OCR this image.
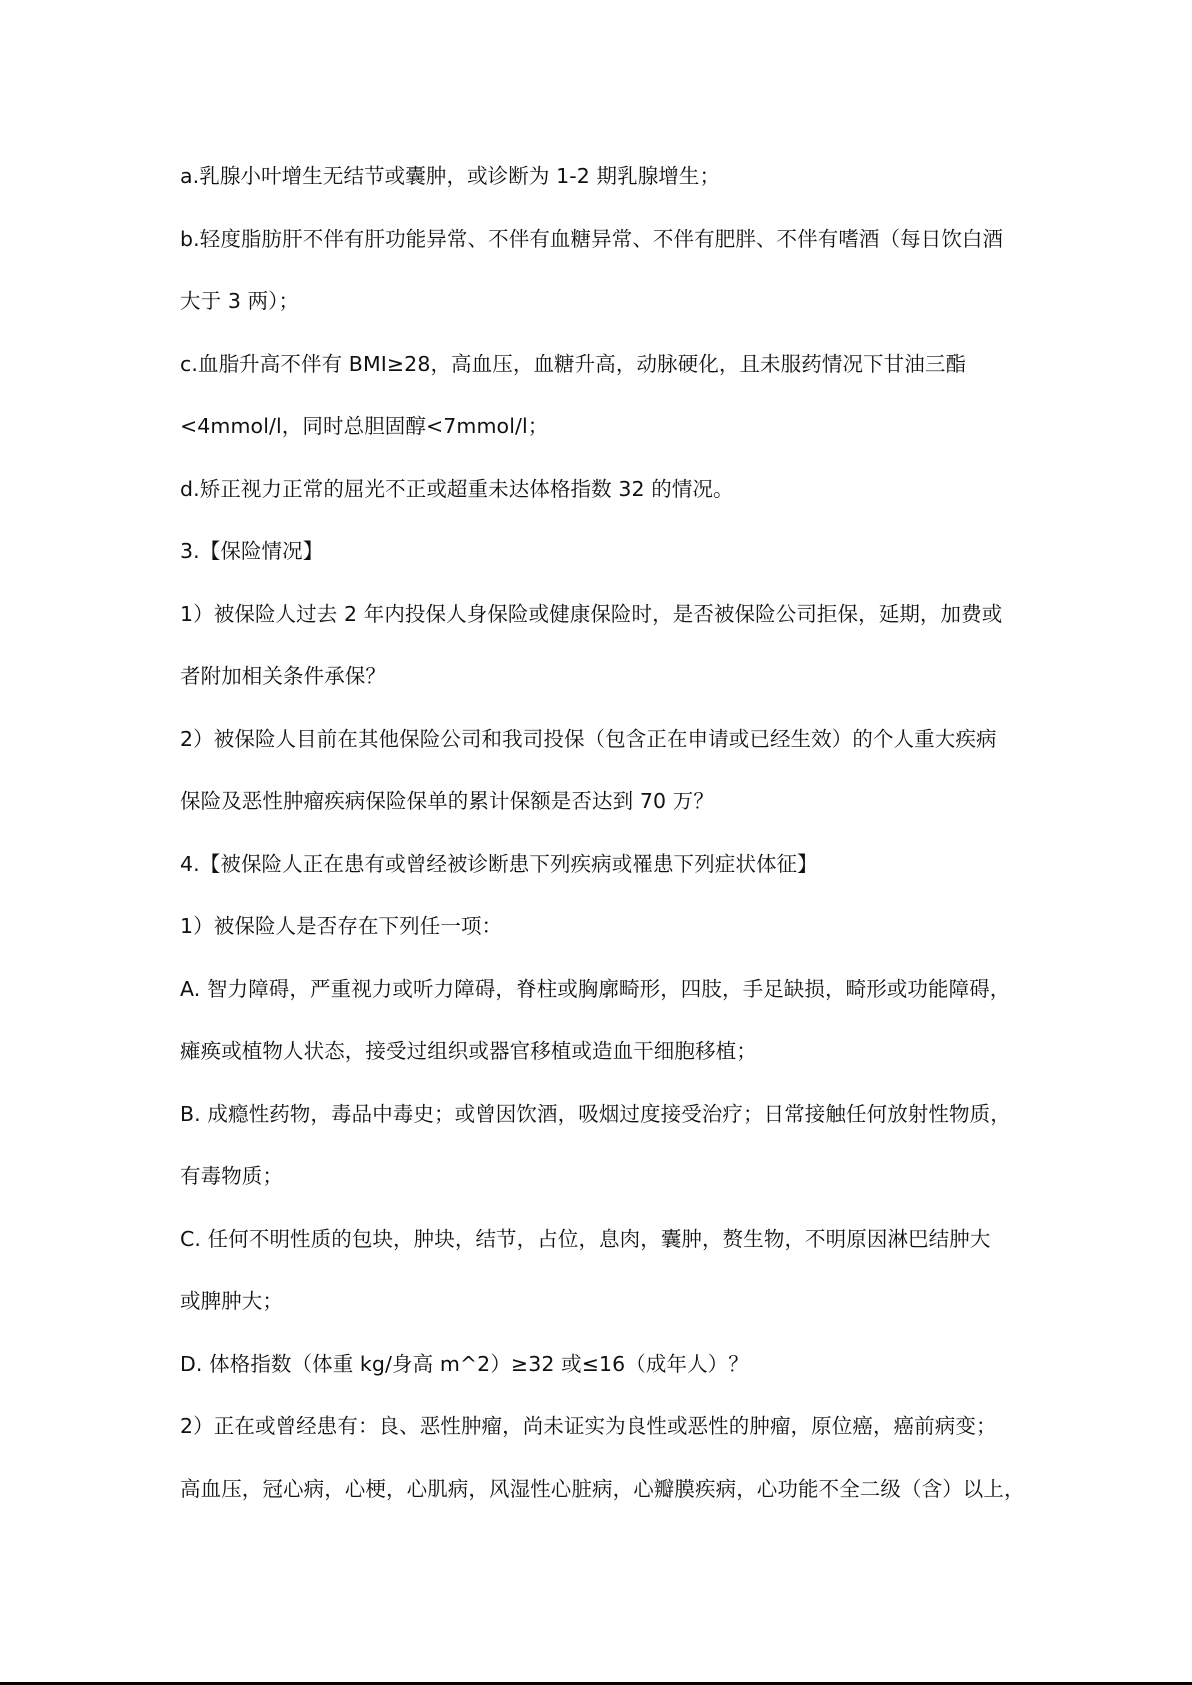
a.乳腺小叶增生无结节或囊肿，或诊断为 1-2 期乳腺增生；
b.轻度脂肪肝不伴有肝功能异常、不伴有血糖异常、不伴有肥胖、不伴有嗜酒（每日饮白酒
大于 3 两）；
c.血脂升高不伴有 BMI≥28，高血压，血糖升高，动脉硬化，且未服药情况下甘油三酯
<4mmol/l，同时总胆固醇<7mmol/l；
d.矫正视力正常的屈光不正或超重未达体格指数 32 的情况。
3.【保险情况】
1）被保险人过去 2 年内投保人身保险或健康保险时，是否被保险公司拒保，延期，加费或
者附加相关条件承保？
2）被保险人目前在其他保险公司和我司投保（包含正在申请或已经生效）的个人重大疾病
保险及恶性肿瘤疾病保险保单的累计保额是否达到 70 万？
4.【被保险人正在患有或曾经被诊断患下列疾病或罹患下列症状体征】
1）被保险人是否存在下列任一项：
A. 智力障碍，严重视力或听力障碍，脊柱或胸廓畸形，四肢，手足缺损，畸形或功能障碍，
瘫痪或植物人状态，接受过组织或器官移植或造血干细胞移植；
B. 成瘾性药物，毒品中毒史；或曾因饮酒，吸烟过度接受治疗；日常接触任何放射性物质，
有毒物质；
C. 任何不明性质的包块，肿块，结节，占位，息肉，囊肿，赘生物，不明原因淋巴结肿大
或脾肿大；
D. 体格指数（体重 kg/身高 m^2）≥32 或≤16（成年人）？
2）正在或曾经患有：良、恶性肿瘤，尚未证实为良性或恶性的肿瘤，原位癌，癌前病变；
高血压，冠心病，心梗，心肌病，风湿性心脏病，心瓣膜疾病，心功能不全二级（含）以上，
